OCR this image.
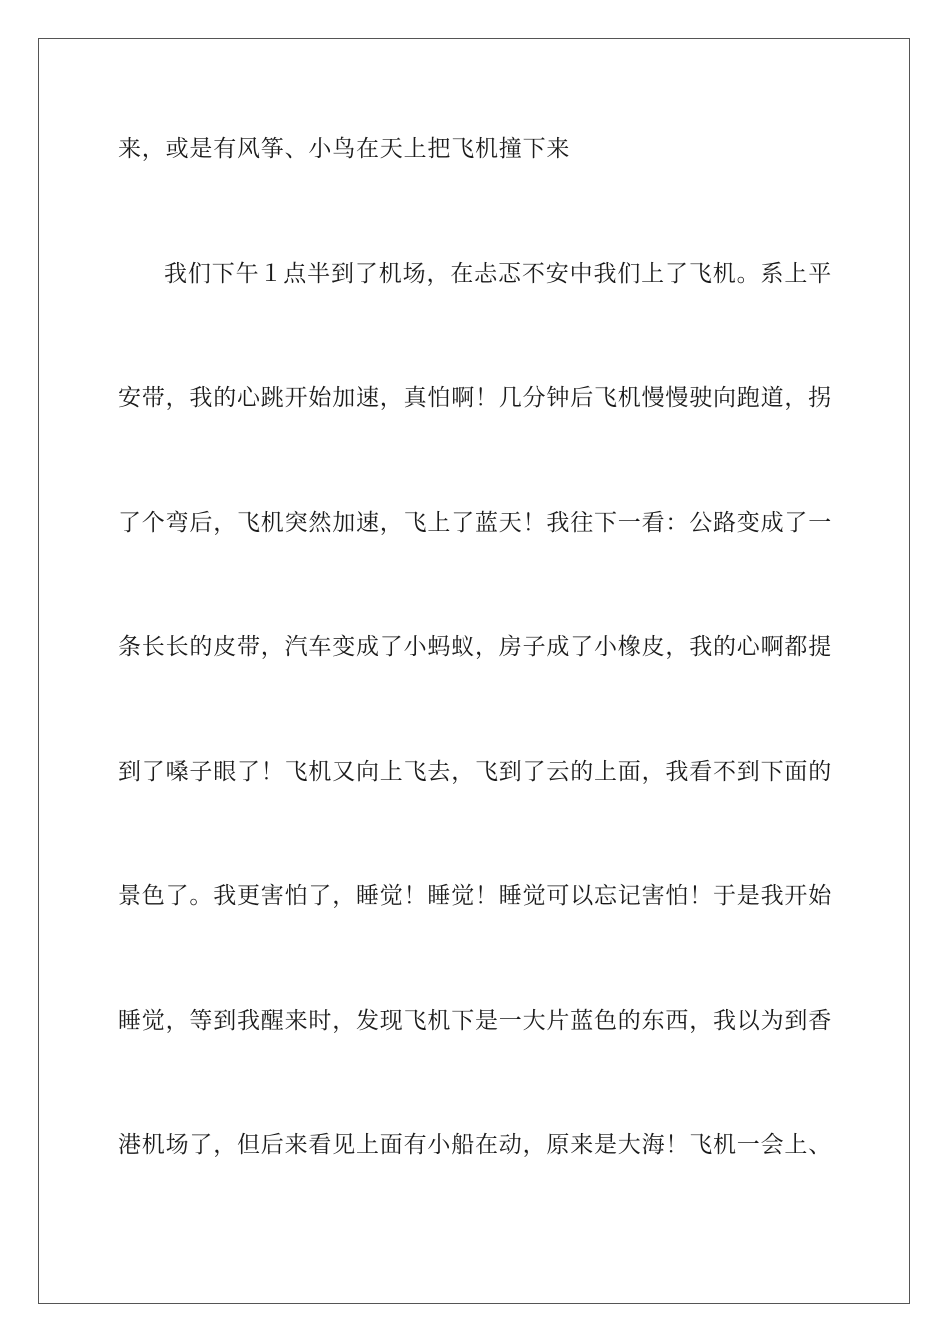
来，或是有风筝、小鸟在天上把飞机撞下来
我们下午１点半到了机场，在忐忑不安中我们上了飞机。系上平
安带，我的心跳开始加速，真怕啊！几分钟后飞机慢慢驶向跑道，拐
了个弯后，飞机突然加速，飞上了蓝天！我往下一看：公路变成了一
条长长的皮带，汽车变成了小蚂蚁，房子成了小橡皮，我的心啊都提
到了嗓子眼了！飞机又向上飞去，飞到了云的上面，我看不到下面的
景色了。我更害怕了，睡觉！睡觉！睡觉可以忘记害怕！于是我开始
睡觉，等到我醒来时，发现飞机下是一大片蓝色的东西，我以为到香
港机场了，但后来看见上面有小船在动，原来是大海！飞机一会上、
